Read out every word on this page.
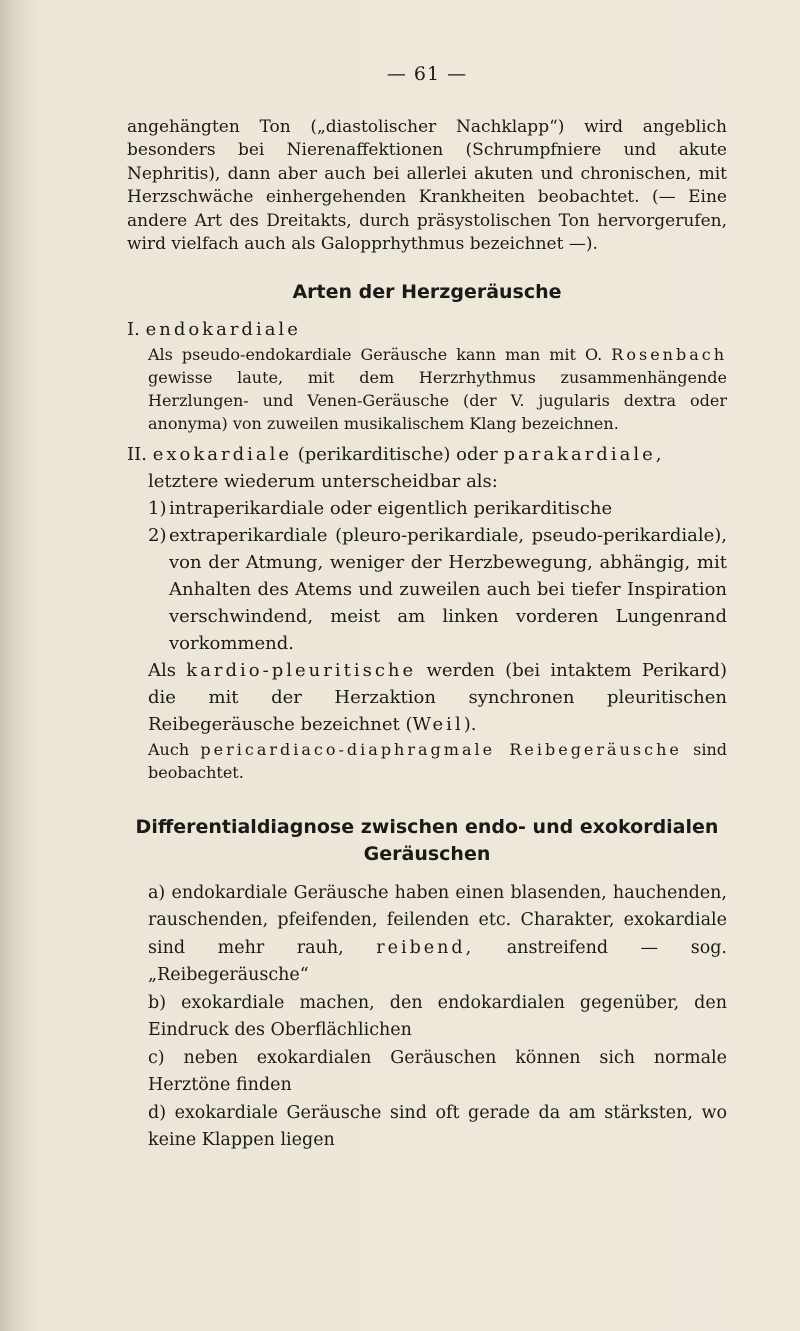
— 61 —

angehängten Ton („diastolischer Nachklapp“) wird angeblich besonders bei Nierenaffektionen (Schrumpfniere und akute Nephritis), dann aber auch bei allerlei akuten und chronischen, mit Herzschwäche einhergehenden Krankheiten beobachtet. (— Eine andere Art des Dreitakts, durch präsystolischen Ton hervorgerufen, wird vielfach auch als Galopprhythmus bezeichnet —).

Arten der Herzgeräusche

I. endokardiale

Als pseudo-endokardiale Geräusche kann man mit O. Rosenbach gewisse laute, mit dem Herzrhythmus zusammenhängende Herzlungen- und Venen-Geräusche (der V. jugularis dextra oder anonyma) von zuweilen musikalischem Klang bezeichnen.

II. exokardiale (perikarditische) oder parakardiale,

letztere wiederum unterscheidbar als:

1) intraperikardiale oder eigentlich perikarditische

2) extraperikardiale (pleuro-perikardiale, pseudo-perikardiale), von der Atmung, weniger der Herzbewegung, abhängig, mit Anhalten des Atems und zuweilen auch bei tiefer Inspiration verschwindend, meist am linken vorderen Lungenrand vorkommend.

Als kardio-pleuritische werden (bei intaktem Perikard) die mit der Herzaktion synchronen pleuritischen Reibegeräusche bezeichnet (Weil).

Auch pericardiaco-diaphragmale Reibegeräusche sind beobachtet.

Differentialdiagnose zwischen endo- und exokordialen
Geräuschen

a) endokardiale Geräusche haben einen blasenden, hauchenden, rauschenden, pfeifenden, feilenden etc. Charakter, exokardiale sind mehr rauh, reibend, anstreifend — sog. „Reibegeräusche“

b) exokardiale machen, den endokardialen gegenüber, den Eindruck des Oberflächlichen

c) neben exokardialen Geräuschen können sich normale Herztöne finden

d) exokardiale Geräusche sind oft gerade da am stärksten, wo keine Klappen liegen
